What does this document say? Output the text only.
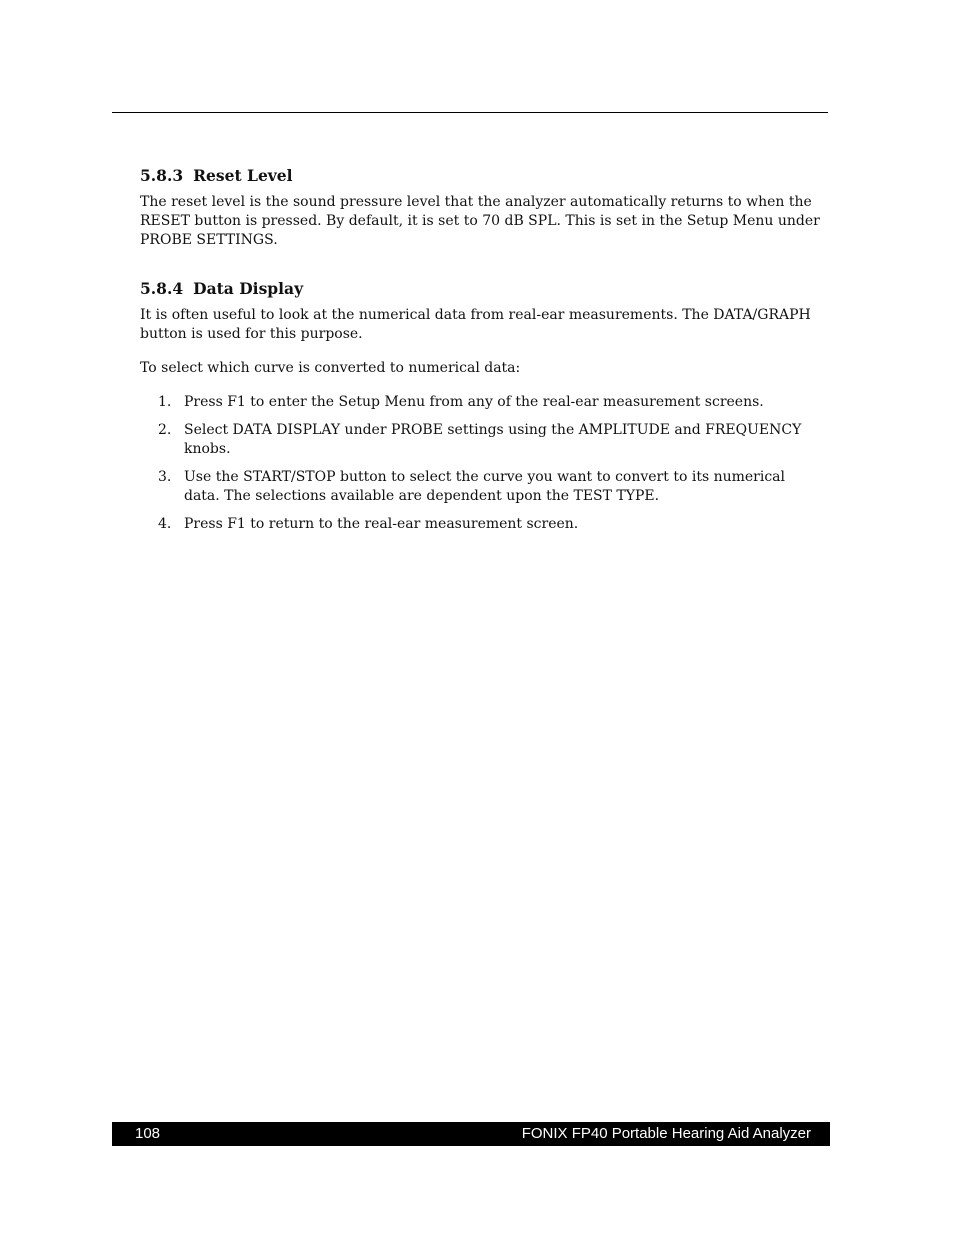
5.8.3 Reset Level

The reset level is the sound pressure level that the analyzer automatically returns to when the RESET button is pressed. By default, it is set to 70 dB SPL. This is set in the Setup Menu under PROBE SETTINGS.

5.8.4 Data Display

It is often useful to look at the numerical data from real-ear measurements. The DATA/GRAPH button is used for this purpose.

To select which curve is converted to numerical data:

1. Press F1 to enter the Setup Menu from any of the real-ear measurement screens.
2. Select DATA DISPLAY under PROBE settings using the AMPLITUDE and FREQUENCY knobs.
3. Use the START/STOP button to select the curve you want to convert to its numerical data. The selections available are dependent upon the TEST TYPE.
4. Press F1 to return to the real-ear measurement screen.
108	FONIX FP40 Portable Hearing Aid Analyzer
